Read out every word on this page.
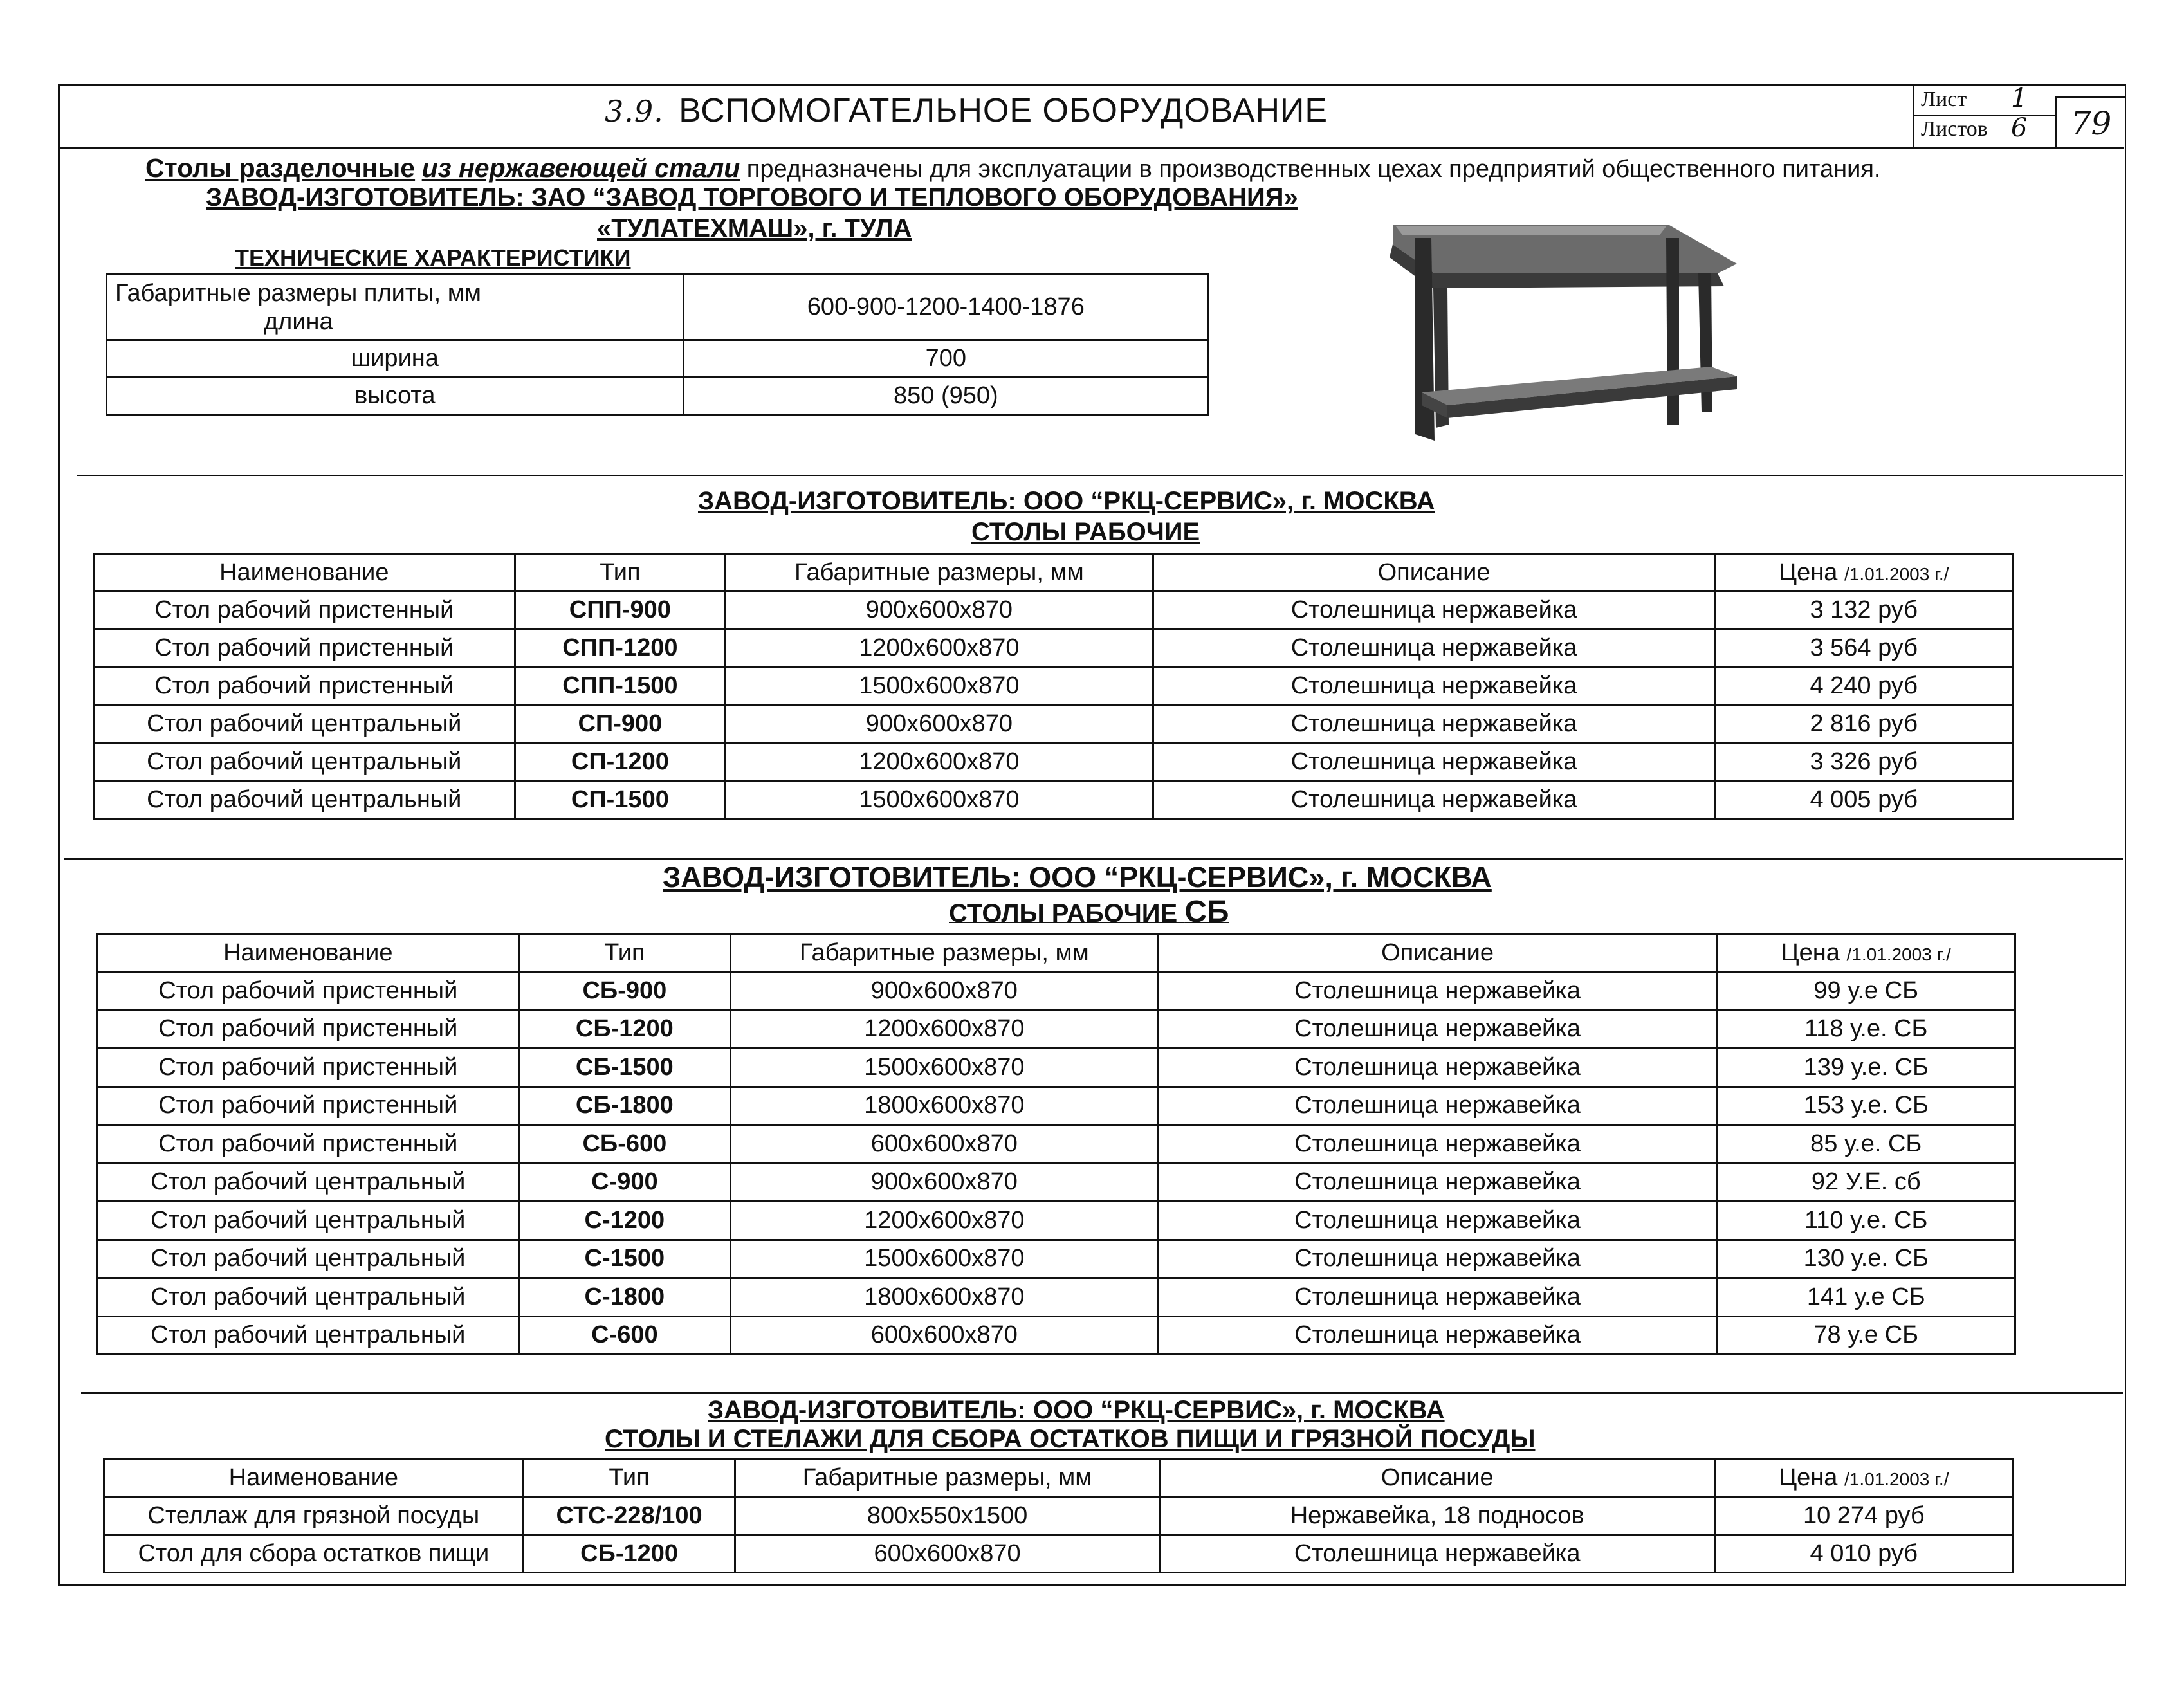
3.9. ВСПОМОГАТЕЛЬНОЕ ОБОРУДОВАНИЕ	Лист 1
Листов 6	79
Столы разделочные из нержавеющей стали предназначены для эксплуатации в производственных цехах предприятий общественного питания.
ЗАВОД-ИЗГОТОВИТЕЛЬ: ЗАО “ЗАВОД ТОРГОВОГО И ТЕПЛОВОГО ОБОРУДОВАНИЯ»
«ТУЛАТЕХМАШ», г. ТУЛА
ТЕХНИЧЕСКИЕ ХАРАКТЕРИСТИКИ
Габаритные размеры плиты, мм
длина	600-900-1200-1400-1876
ширина	700
высота	850 (950)
ЗАВОД-ИЗГОТОВИТЕЛЬ: ООО “РКЦ-СЕРВИС», г. МОСКВА
СТОЛЫ РАБОЧИЕ
Наименование	Тип	Габаритные размеры, мм	Описание	Цена /1.01.2003 г./
Стол рабочий пристенный	СПП-900	900х600х870	Столешница нержавейка	3 132 руб
Стол рабочий пристенный	СПП-1200	1200х600х870	Столешница нержавейка	3 564 руб
Стол рабочий пристенный	СПП-1500	1500х600х870	Столешница нержавейка	4 240 руб
Стол рабочий центральный	СП-900	900х600х870	Столешница нержавейка	2 816 руб
Стол рабочий центральный	СП-1200	1200х600х870	Столешница нержавейка	3 326 руб
Стол рабочий центральный	СП-1500	1500х600х870	Столешница нержавейка	4 005 руб
ЗАВОД-ИЗГОТОВИТЕЛЬ: ООО “РКЦ-СЕРВИС», г. МОСКВА
СТОЛЫ РАБОЧИЕ СБ
Наименование	Тип	Габаритные размеры, мм	Описание	Цена /1.01.2003 г./
Стол рабочий пристенный	СБ-900	900х600х870	Столешница нержавейка	99 у.е СБ
Стол рабочий пристенный	СБ-1200	1200х600х870	Столешница нержавейка	118 у.е. СБ
Стол рабочий пристенный	СБ-1500	1500х600х870	Столешница нержавейка	139 у.е. СБ
Стол рабочий пристенный	СБ-1800	1800х600х870	Столешница нержавейка	153 у.е. СБ
Стол рабочий пристенный	СБ-600	600х600х870	Столешница нержавейка	85 у.е. СБ
Стол рабочий центральный	С-900	900х600х870	Столешница нержавейка	92 У.Е. сб
Стол рабочий центральный	С-1200	1200х600х870	Столешница нержавейка	110 у.е. СБ
Стол рабочий центральный	С-1500	1500х600х870	Столешница нержавейка	130 у.е. СБ
Стол рабочий центральный	С-1800	1800х600х870	Столешница нержавейка	141 у.е СБ
Стол рабочий центральный	С-600	600х600х870	Столешница нержавейка	78 у.е СБ
ЗАВОД-ИЗГОТОВИТЕЛЬ: ООО “РКЦ-СЕРВИС», г. МОСКВА
СТОЛЫ И СТЕЛАЖИ ДЛЯ СБОРА ОСТАТКОВ ПИЩИ И ГРЯЗНОЙ ПОСУДЫ
Наименование	Тип	Габаритные размеры, мм	Описание	Цена /1.01.2003 г./
Стеллаж для грязной посуды	СТС-228/100	800х550х1500	Нержавейка, 18 подносов	10 274 руб
Стол для сбора остатков пищи	СБ-1200	600х600х870	Столешница нержавейка	4 010 руб
